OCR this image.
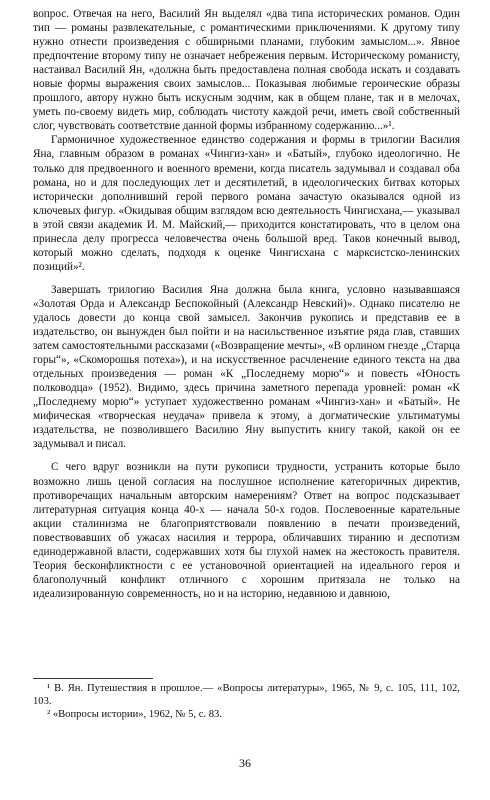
вопрос. Отвечая на него, Василий Ян выделял «два типа исторических романов. Один тип — романы развлекательные, с романтическими приключениями. К другому типу нужно отнести произведения с обширными планами, глубоким замыслом...». Явное предпочтение второму типу не означает небрежения первым. Историческому романисту, настаивал Василий Ян, «должна быть предоставлена полная свобода искать и создавать новые формы выражения своих замыслов... Показывая любимые героические образы прошлого, автору нужно быть искусным зодчим, как в общем плане, так и в мелочах, уметь по-своему видеть мир, соблюдать чистоту каждой речи, иметь свой собственный слог, чувствовать соответствие данной формы избранному содержанию...»¹.

Гармоничное художественное единство содержания и формы в трилогии Василия Яна, главным образом в романах «Чингиз-хан» и «Батый», глубоко идеологично. Не только для предвоенного и военного времени, когда писатель задумывал и создавал оба романа, но и для последующих лет и десятилетий, в идеологических битвах которых исторически дополнивший герой первого романа зачастую оказывался одной из ключевых фигур. «Окидывая общим взглядом всю деятельность Чингисхана,— указывал в этой связи академик И. М. Майский,— приходится констатировать, что в целом она принесла делу прогресса человечества очень большой вред. Таков конечный вывод, который можно сделать, подходя к оценке Чингисхана с марксистско-ленинских позиций»².

Завершать трилогию Василия Яна должна была книга, условно называвшаяся «Золотая Орда и Александр Беспокойный (Александр Невский)». Однако писателю не удалось довести до конца свой замысел. Закончив рукопись и представив ее в издательство, он вынужден был пойти и на насильственное изъятие ряда глав, ставших затем самостоятельными рассказами («Возвращение мечты», «В орлином гнезде „Старца горы“», «Скоморошья потеха»), и на искусственное расчленение единого текста на два отдельных произведения — роман «К „Последнему морю“» и повесть «Юность полководца» (1952). Видимо, здесь причина заметного перепада уровней: роман «К „Последнему морю“» уступает художественно романам «Чингиз-хан» и «Батый». Не мифическая «творческая неудача» привела к этому, а догматические ультиматумы издательства, не позволившего Василию Яну выпустить книгу такой, какой он ее задумывал и писал.

С чего вдруг возникли на пути рукописи трудности, устранить которые было возможно лишь ценой согласия на послушное исполнение категоричных директив, противоречащих начальным авторским намерениям? Ответ на вопрос подсказывает литературная ситуация конца 40-х — начала 50-х годов. Послевоенные карательные акции сталинизма не благоприятствовали появлению в печати произведений, повествовавших об ужасах насилия и террора, обличавших тиранию и деспотизм единодержавной власти, содержавших хотя бы глухой намек на жестокость правителя. Теория бесконфликтности с ее установочной ориентацией на идеального героя и благополучный конфликт отличного с хорошим притязала не только на идеализированную современность, но и на историю, недавнюю и давнюю,

¹ В. Ян. Путешествия в прошлое.— «Вопросы литературы», 1965, № 9, с. 105, 111, 102, 103.

² «Вопросы истории», 1962, № 5, с. 83.

36
